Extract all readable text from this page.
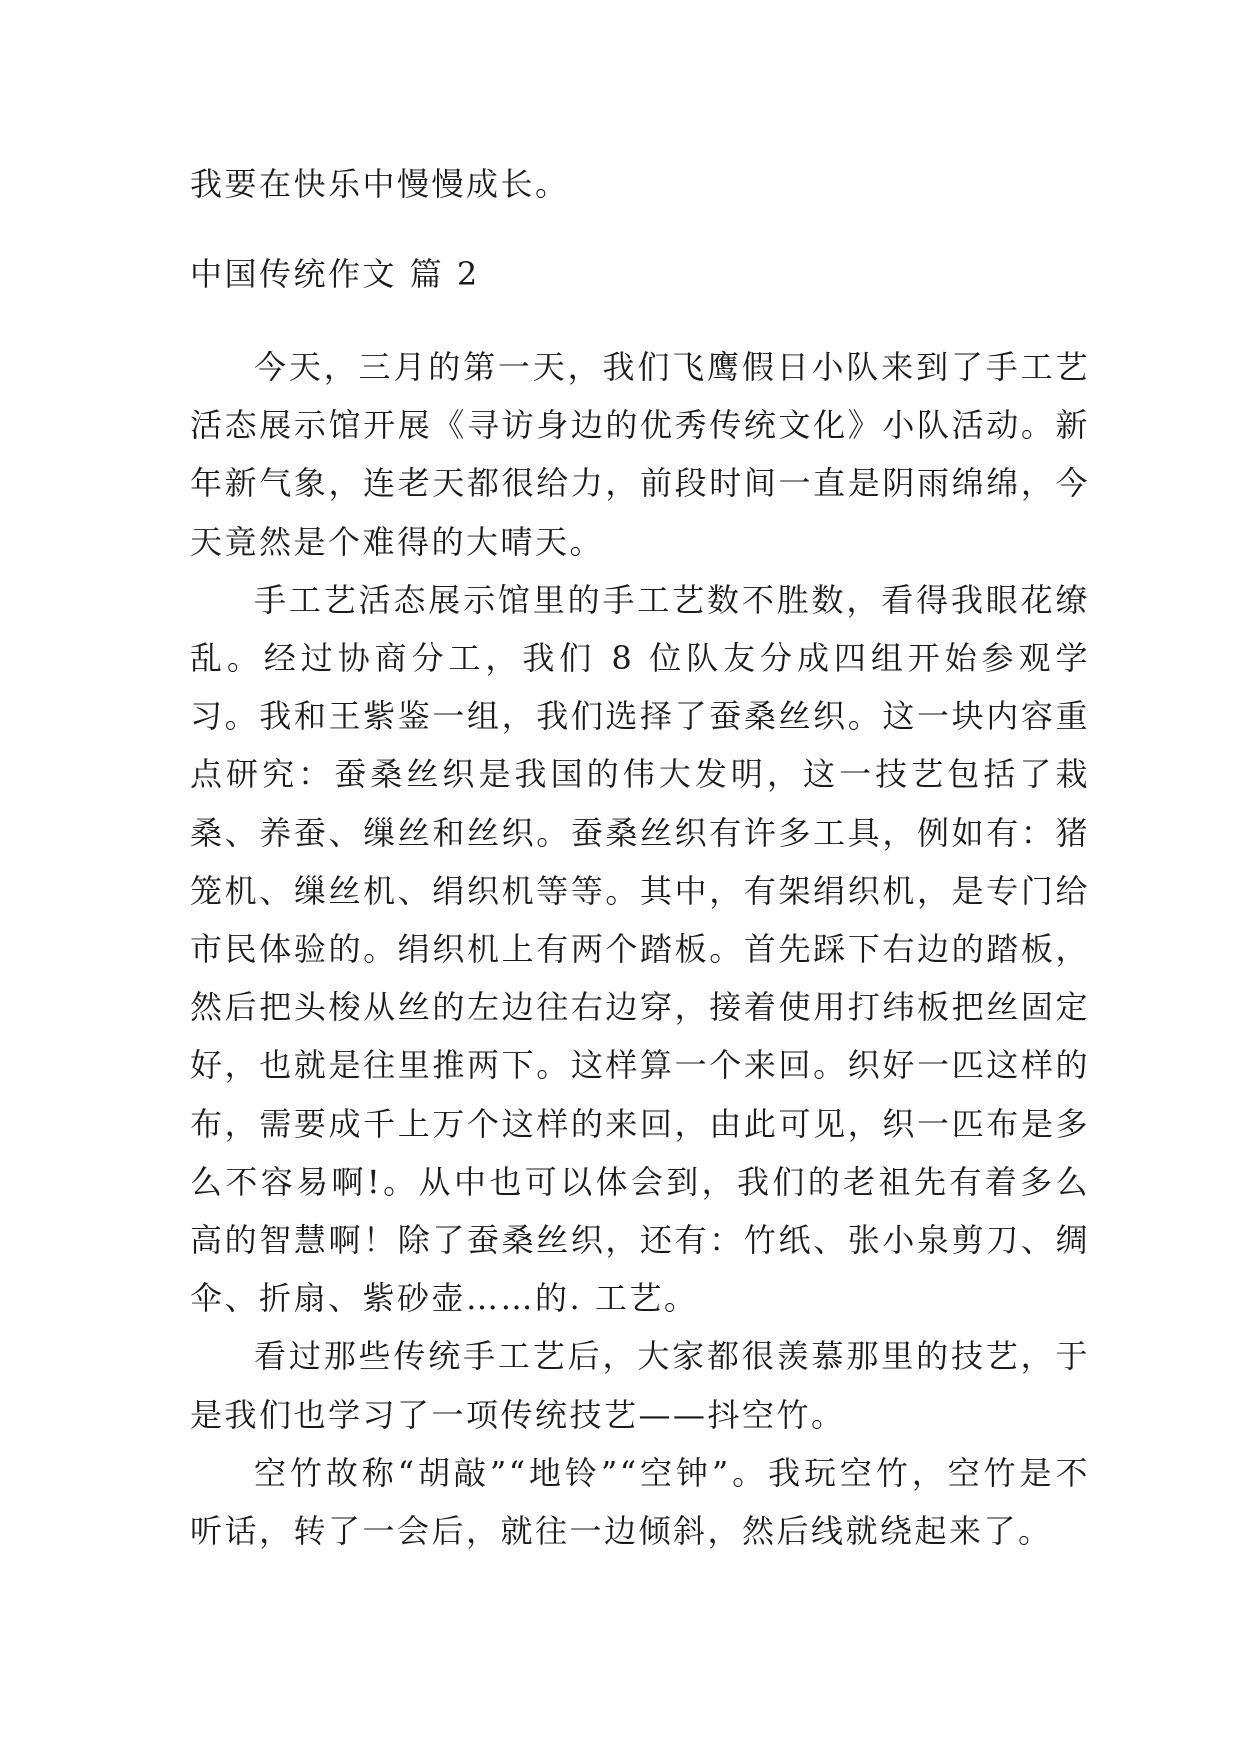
我要在快乐中慢慢成长。
中国传统作文 篇 2

今天，三月的第一天，我们飞鹰假日小队来到了手工艺活态展示馆开展《寻访身边的优秀传统文化》小队活动。新年新气象，连老天都很给力，前段时间一直是阴雨绵绵，今天竟然是个难得的大晴天。

手工艺活态展示馆里的手工艺数不胜数，看得我眼花缭乱。经过协商分工，我们 8 位队友分成四组开始参观学习。我和王紫鉴一组，我们选择了蚕桑丝织。这一块内容重点研究：蚕桑丝织是我国的伟大发明，这一技艺包括了栽桑、养蚕、缫丝和丝织。蚕桑丝织有许多工具，例如有：猪笼机、缫丝机、绢织机等等。其中，有架绢织机，是专门给市民体验的。绢织机上有两个踏板。首先踩下右边的踏板，然后把头梭从丝的左边往右边穿，接着使用打纬板把丝固定好，也就是往里推两下。这样算一个来回。织好一匹这样的布，需要成千上万个这样的来回，由此可见，织一匹布是多么不容易啊!。从中也可以体会到，我们的老祖先有着多么高的智慧啊！除了蚕桑丝织，还有：竹纸、张小泉剪刀、绸伞、折扇、紫砂壶……的. 工艺。

看过那些传统手工艺后，大家都很羡慕那里的技艺，于是我们也学习了一项传统技艺——抖空竹。

空竹故称“胡敲”“地铃”“空钟”。我玩空竹，空竹是不听话，转了一会后，就往一边倾斜，然后线就绕起来了。
